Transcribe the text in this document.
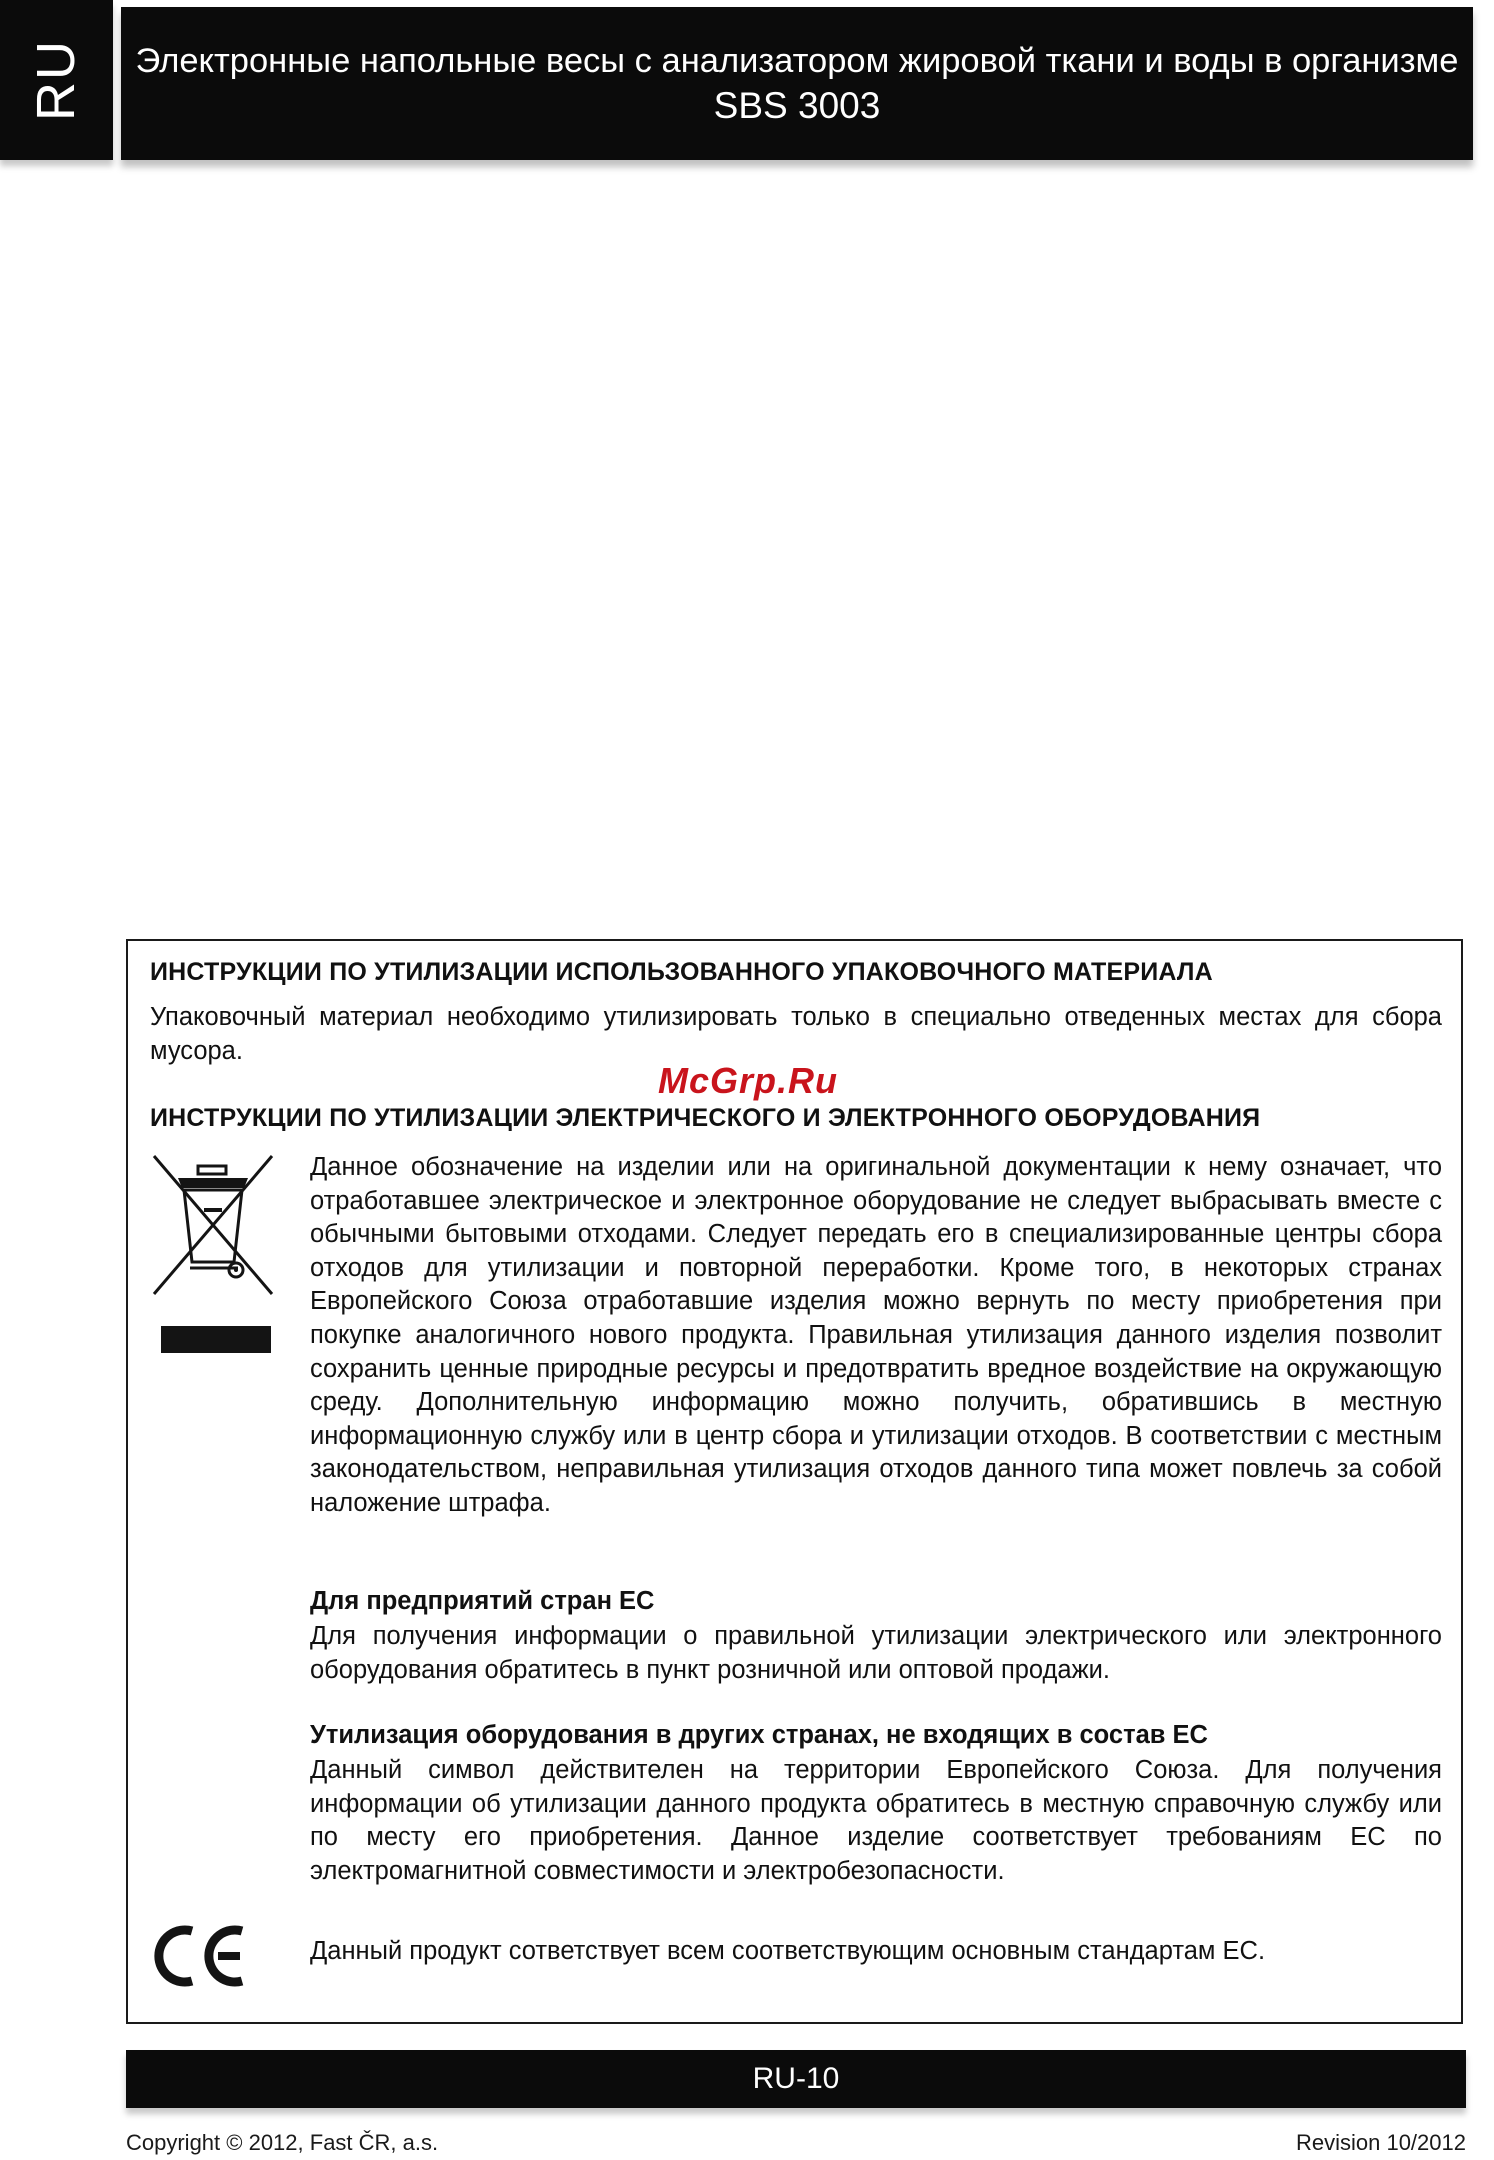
RU	Электронные напольные весы с анализатором жировой ткани и воды в организме
SBS 3003
ИНСТРУКЦИИ ПО УТИЛИЗАЦИИ ИСПОЛЬЗОВАННОГО УПАКОВОЧНОГО МАТЕРИАЛА
Упаковочный материал необходимо утилизировать только в специально отведенных местах для сбора мусора.
McGrp.Ru
ИНСТРУКЦИИ ПО УТИЛИЗАЦИИ ЭЛЕКТРИЧЕСКОГО И ЭЛЕКТРОННОГО ОБОРУДОВАНИЯ
Данное обозначение на изделии или на оригинальной документации к нему означает, что отработавшее электрическое и электронное оборудование не следует выбрасывать вместе с обычными бытовыми отходами. Следует передать его в специализированные центры сбора отходов для утилизации и повторной переработки. Кроме того, в некоторых странах Европейского Союза отработавшие изделия можно вернуть по месту приобретения при покупке аналогичного нового продукта. Правильная утилизация данного изделия позволит сохранить ценные природные ресурсы и предотвратить вредное воздействие на окружающую среду. Дополнительную информацию можно получить, обратившись в местную информационную службу или в центр сбора и утилизации отходов. В соответствии с местным законодательством, неправильная утилизация отходов данного типа может повлечь за собой наложение штрафа.
Для предприятий стран ЕС
Для получения информации о правильной утилизации электрического или электронного оборудования обратитесь в пункт розничной или оптовой продажи.
Утилизация оборудования в других странах, не входящих в состав ЕС
Данный символ действителен на территории Европейского Союза. Для получения информации об утилизации данного продукта обратитесь в местную справочную службу или по месту его приобретения. Данное изделие соответствует требованиям ЕС по электромагнитной совместимости и электробезопасности.
Данный продукт сответствует всем соответствующим основным стандартам ЕС.
RU-10
Copyright © 2012, Fast ČR, a.s.	Revision 10/2012
